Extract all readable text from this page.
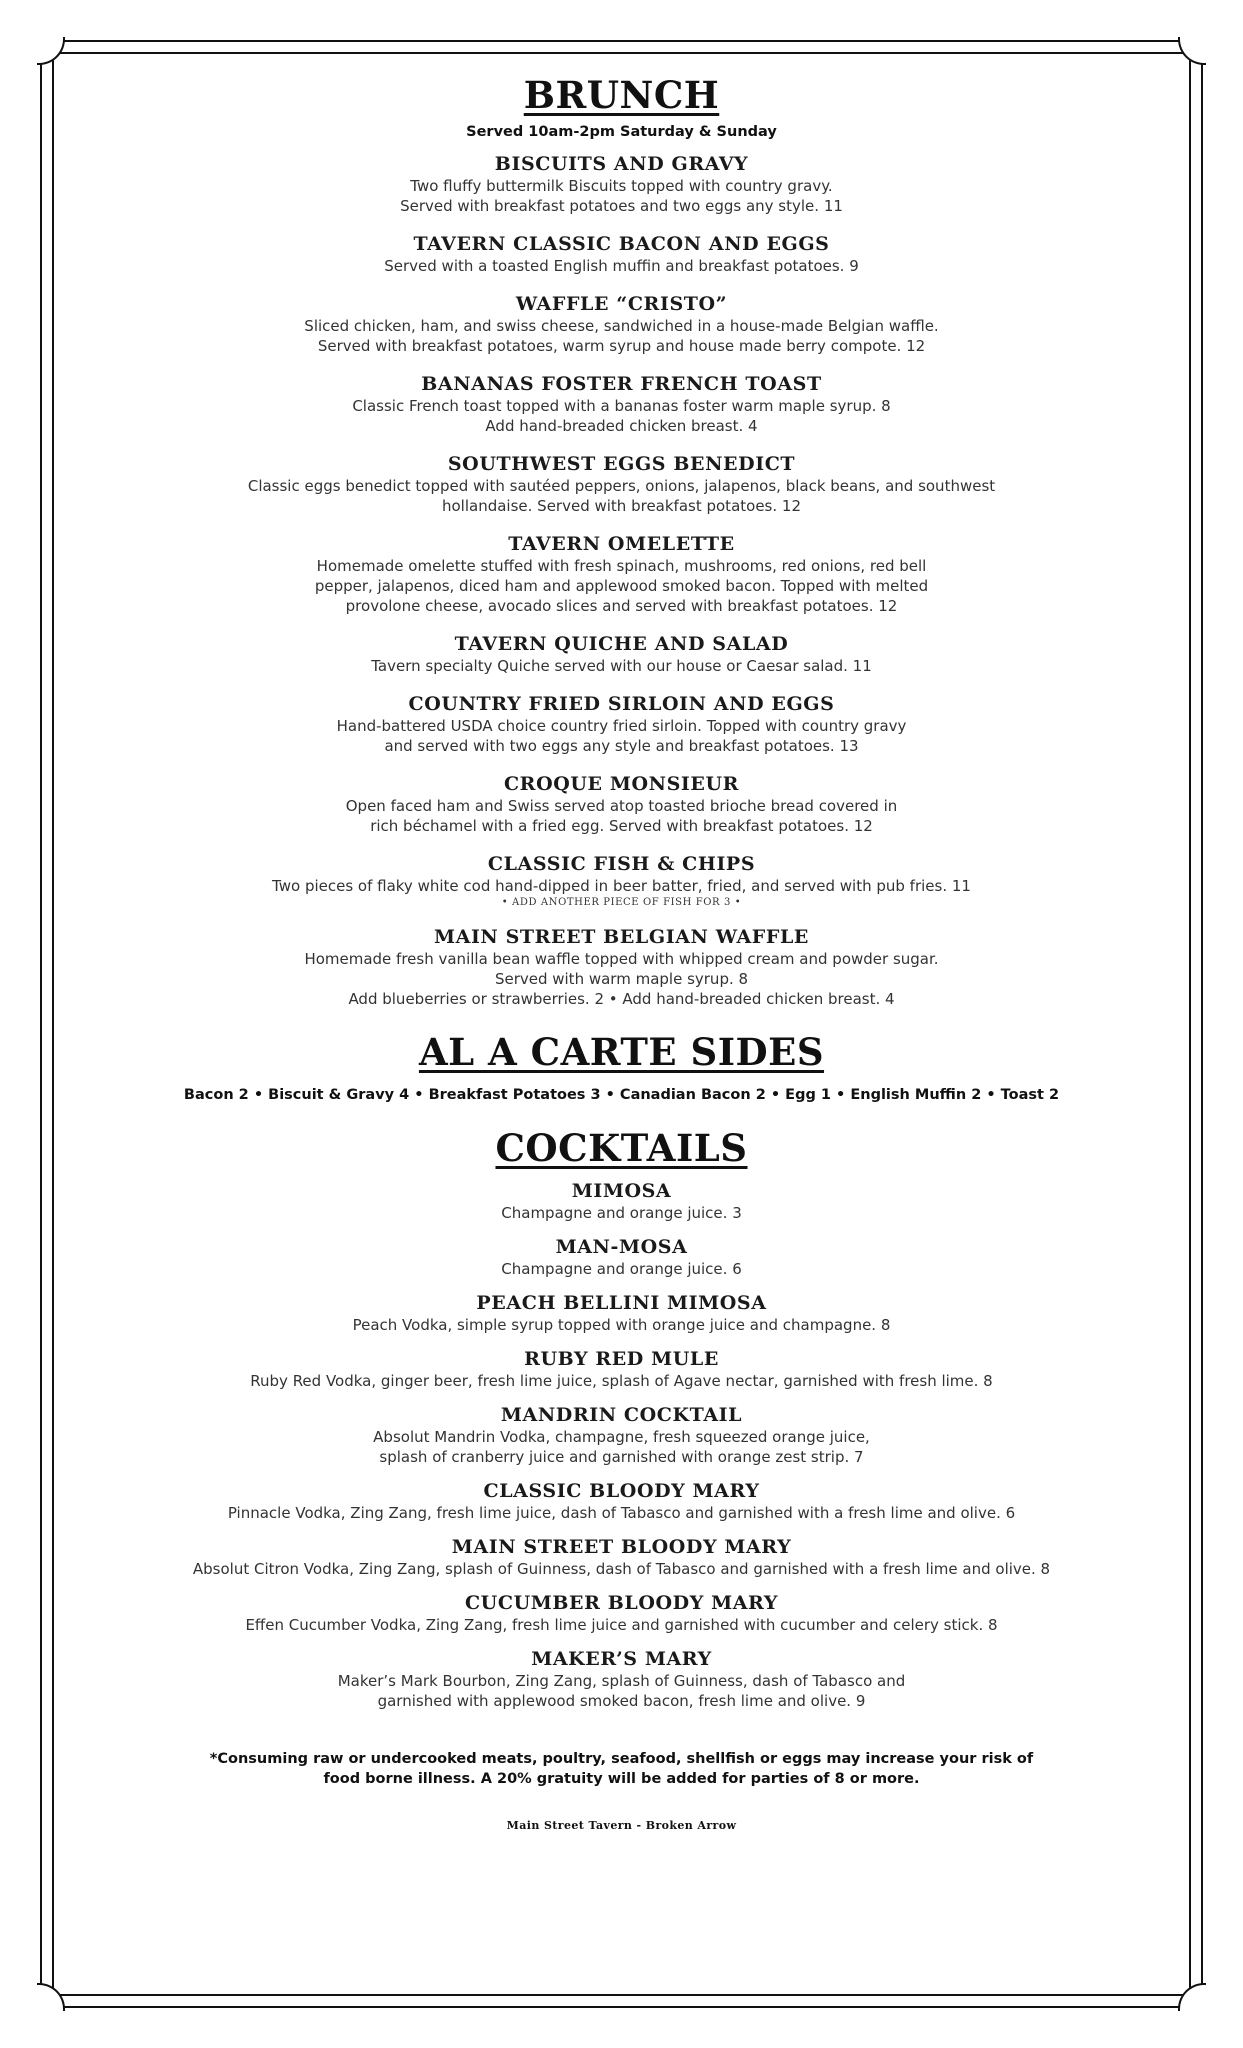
BRUNCH
Served 10am-2pm Saturday & Sunday
BISCUITS AND GRAVY
Two fluffy buttermilk Biscuits topped with country gravy.
Served with breakfast potatoes and two eggs any style. 11
TAVERN CLASSIC BACON AND EGGS
Served with a toasted English muffin and breakfast potatoes. 9
WAFFLE “CRISTO”
Sliced chicken, ham, and swiss cheese, sandwiched in a house-made Belgian waffle.
Served with breakfast potatoes, warm syrup and house made berry compote. 12
BANANAS FOSTER FRENCH TOAST
Classic French toast topped with a bananas foster warm maple syrup. 8
Add hand-breaded chicken breast. 4
SOUTHWEST EGGS BENEDICT
Classic eggs benedict topped with sautéed peppers, onions, jalapenos, black beans, and southwest
hollandaise. Served with breakfast potatoes. 12
TAVERN OMELETTE
Homemade omelette stuffed with fresh spinach, mushrooms, red onions, red bell
pepper, jalapenos, diced ham and applewood smoked bacon. Topped with melted
provolone cheese, avocado slices and served with breakfast potatoes. 12
TAVERN QUICHE AND SALAD
Tavern specialty Quiche served with our house or Caesar salad. 11
COUNTRY FRIED SIRLOIN AND EGGS
Hand-battered USDA choice country fried sirloin. Topped with country gravy
and served with two eggs any style and breakfast potatoes. 13
CROQUE MONSIEUR
Open faced ham and Swiss served atop toasted brioche bread covered in
rich béchamel with a fried egg. Served with breakfast potatoes. 12
CLASSIC FISH & CHIPS
Two pieces of flaky white cod hand-dipped in beer batter, fried, and served with pub fries. 11
• ADD ANOTHER PIECE OF FISH FOR 3 •
MAIN STREET BELGIAN WAFFLE
Homemade fresh vanilla bean waffle topped with whipped cream and powder sugar.
Served with warm maple syrup. 8
Add blueberries or strawberries. 2 • Add hand-breaded chicken breast. 4
AL A CARTE SIDES
Bacon 2 • Biscuit & Gravy 4 • Breakfast Potatoes 3 • Canadian Bacon 2 • Egg 1 • English Muffin 2 • Toast 2
COCKTAILS
MIMOSA
Champagne and orange juice. 3
MAN-MOSA
Champagne and orange juice. 6
PEACH BELLINI MIMOSA
Peach Vodka, simple syrup topped with orange juice and champagne. 8
RUBY RED MULE
Ruby Red Vodka, ginger beer, fresh lime juice, splash of Agave nectar, garnished with fresh lime. 8
MANDRIN COCKTAIL
Absolut Mandrin Vodka, champagne, fresh squeezed orange juice,
splash of cranberry juice and garnished with orange zest strip. 7
CLASSIC BLOODY MARY
Pinnacle Vodka, Zing Zang, fresh lime juice, dash of Tabasco and garnished with a fresh lime and olive. 6
MAIN STREET BLOODY MARY
Absolut Citron Vodka, Zing Zang, splash of Guinness, dash of Tabasco and garnished with a fresh lime and olive. 8
CUCUMBER BLOODY MARY
Effen Cucumber Vodka, Zing Zang, fresh lime juice and garnished with cucumber and celery stick. 8
MAKER’S MARY
Maker’s Mark Bourbon, Zing Zang, splash of Guinness, dash of Tabasco and
garnished with applewood smoked bacon, fresh lime and olive. 9
*Consuming raw or undercooked meats, poultry, seafood, shellfish or eggs may increase your risk of
food borne illness. A 20% gratuity will be added for parties of 8 or more.
Main Street Tavern - Broken Arrow
